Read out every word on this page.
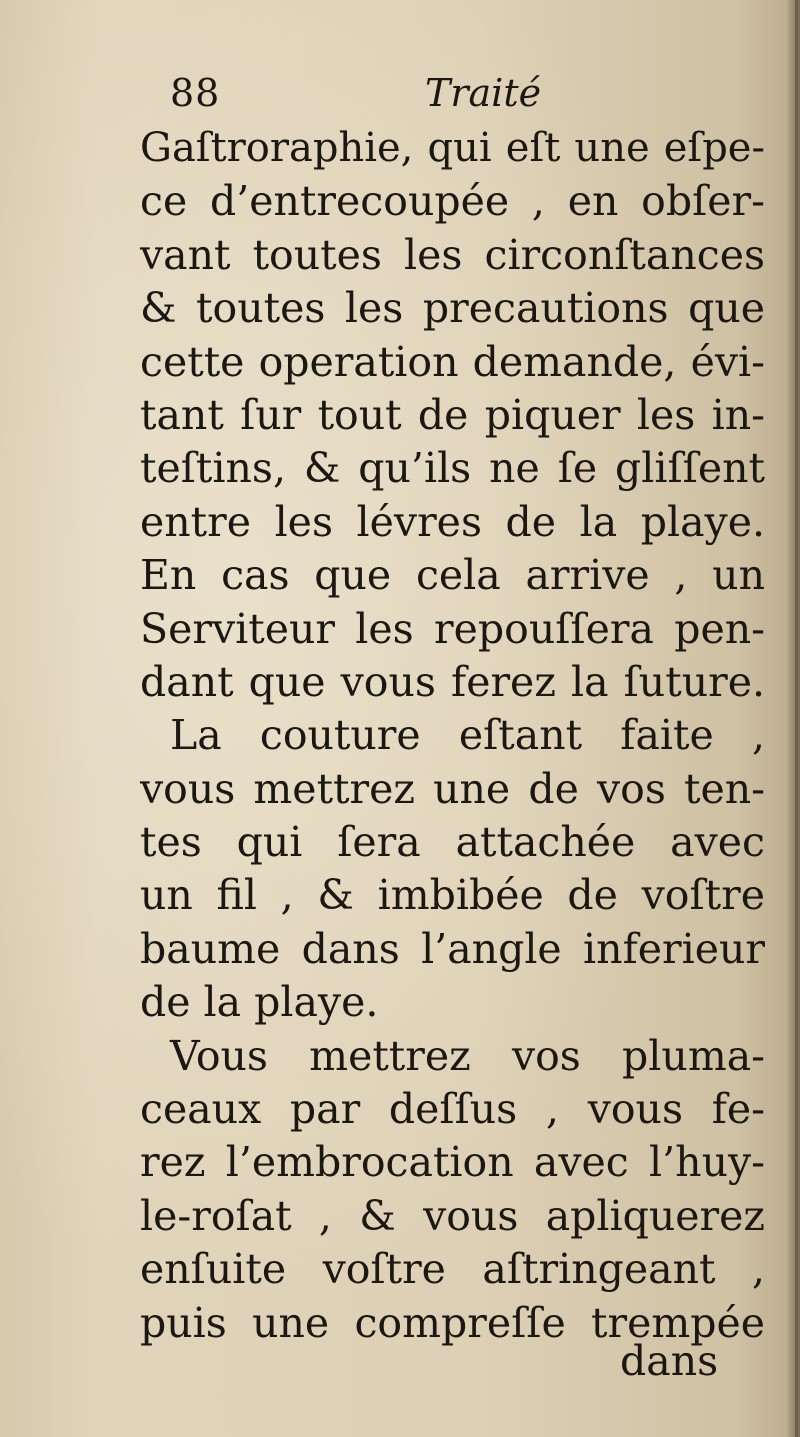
88	Traité
Gaſtroraphie, qui eſt une eſpe-
ce d’entrecoupée , en obſer-
vant toutes les circonſtances
& toutes les precautions que
cette operation demande, évi-
tant ſur tout de piquer les in-
teſtins, & qu’ils ne ſe gliſſent
entre les lévres de la playe.
En cas que cela arrive , un
Serviteur les repouſſera pen-
dant que vous ferez la ſuture.
La couture eſtant faite ,
vous mettrez une de vos ten-
tes qui ſera attachée avec
un fil , & imbibée de voſtre
baume dans l’angle inferieur
de la playe.
Vous mettrez vos pluma-
ceaux par deſſus , vous fe-
rez l’embrocation avec l’huy-
le-roſat , & vous apliquerez
enſuite voſtre aſtringeant ,
puis une compreſſe trempée
dans
